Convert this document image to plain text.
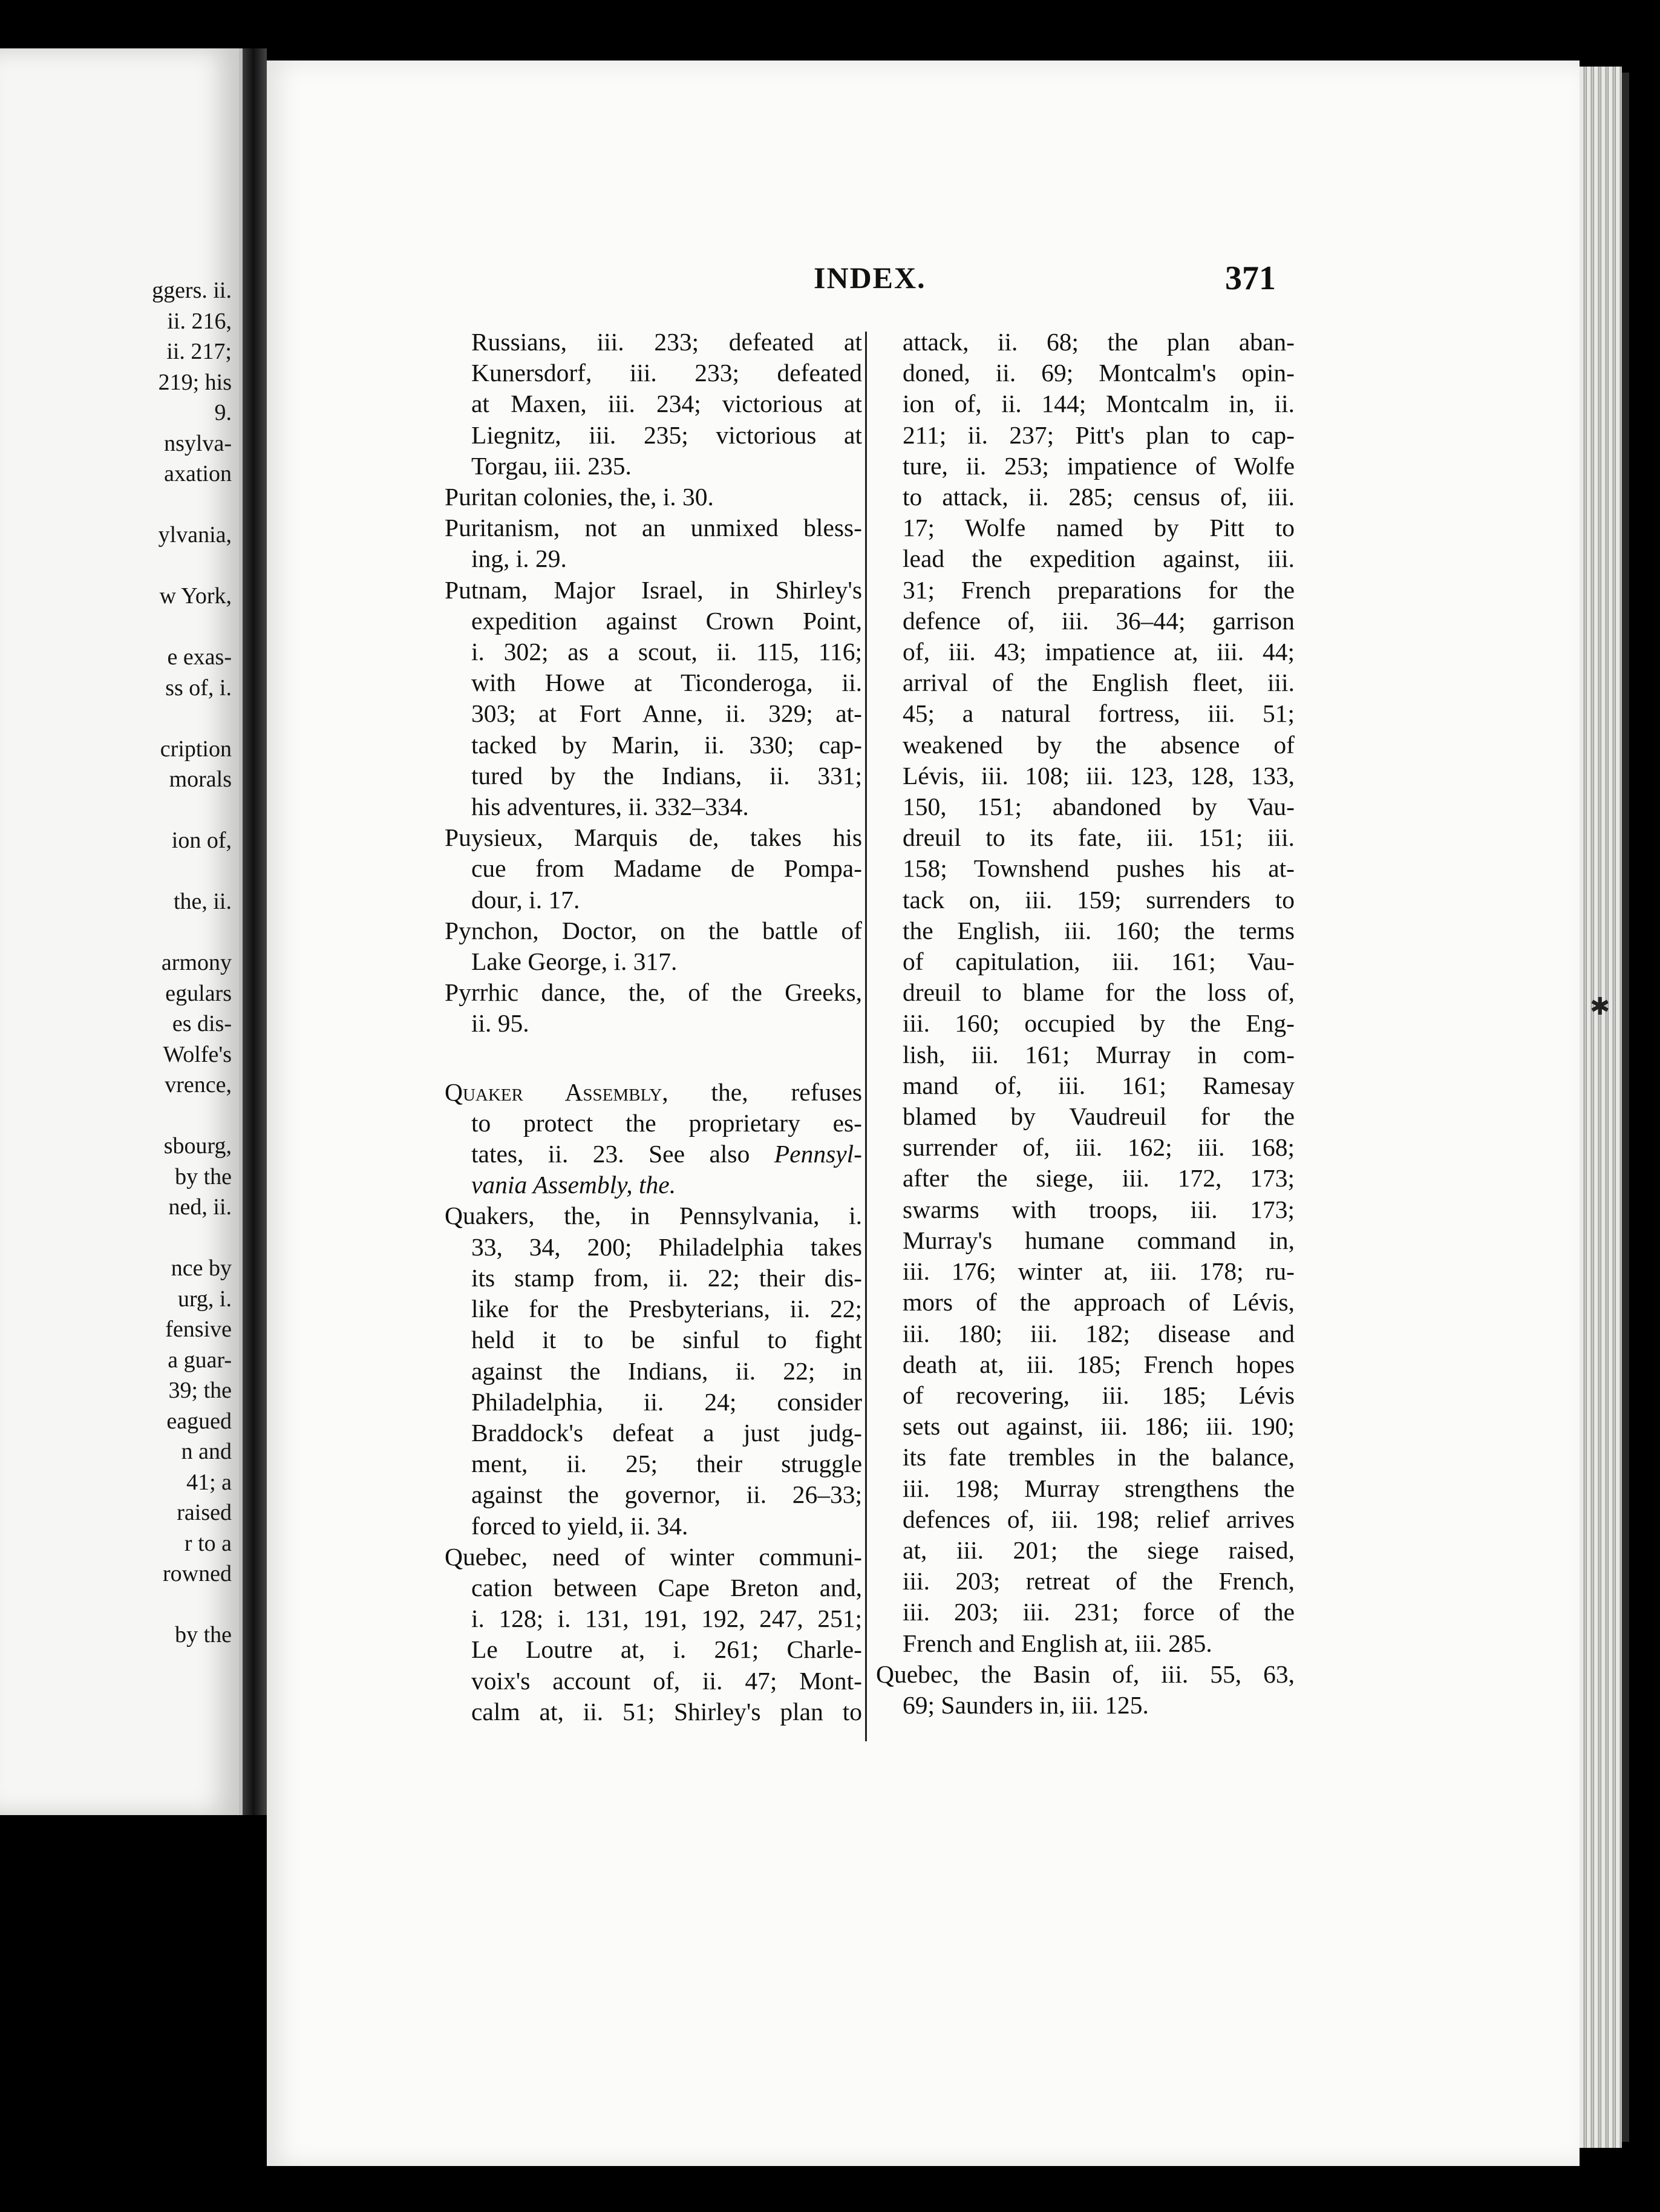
ggers. ii.
ii. 216,
ii. 217;
219; his
9.
nsylva-
axation
ylvania,
w York,
e exas-
ss of, i.
cription
morals
ion of,
the, ii.
armony
egulars
es dis-
Wolfe's
vrence,
sbourg,
by the
ned, ii.
nce by
urg, i.
fensive
a guar-
39; the
eagued
n and
41; a
raised
r to a
rowned
by the
INDEX.	371
Russians, iii. 233; defeated at
Kunersdorf, iii. 233; defeated
at Maxen, iii. 234; victorious at
Liegnitz, iii. 235; victorious at
Torgau, iii. 235.
Puritan colonies, the, i. 30.
Puritanism, not an unmixed bless-
ing, i. 29.
Putnam, Major Israel, in Shirley's
expedition against Crown Point,
i. 302; as a scout, ii. 115, 116;
with Howe at Ticonderoga, ii.
303; at Fort Anne, ii. 329; at-
tacked by Marin, ii. 330; cap-
tured by the Indians, ii. 331;
his adventures, ii. 332–334.
Puysieux, Marquis de, takes his
cue from Madame de Pompa-
dour, i. 17.
Pynchon, Doctor, on the battle of
Lake George, i. 317.
Pyrrhic dance, the, of the Greeks,
ii. 95.
Quaker Assembly, the, refuses
to protect the proprietary es-
tates, ii. 23. See also Pennsyl-
vania Assembly, the.
Quakers, the, in Pennsylvania, i.
33, 34, 200; Philadelphia takes
its stamp from, ii. 22; their dis-
like for the Presbyterians, ii. 22;
held it to be sinful to fight
against the Indians, ii. 22; in
Philadelphia, ii. 24; consider
Braddock's defeat a just judg-
ment, ii. 25; their struggle
against the governor, ii. 26–33;
forced to yield, ii. 34.
Quebec, need of winter communi-
cation between Cape Breton and,
i. 128; i. 131, 191, 192, 247, 251;
Le Loutre at, i. 261; Charle-
voix's account of, ii. 47; Mont-
calm at, ii. 51; Shirley's plan to
attack, ii. 68; the plan aban-
doned, ii. 69; Montcalm's opin-
ion of, ii. 144; Montcalm in, ii.
211; ii. 237; Pitt's plan to cap-
ture, ii. 253; impatience of Wolfe
to attack, ii. 285; census of, iii.
17; Wolfe named by Pitt to
lead the expedition against, iii.
31; French preparations for the
defence of, iii. 36–44; garrison
of, iii. 43; impatience at, iii. 44;
arrival of the English fleet, iii.
45; a natural fortress, iii. 51;
weakened by the absence of
Lévis, iii. 108; iii. 123, 128, 133,
150, 151; abandoned by Vau-
dreuil to its fate, iii. 151; iii.
158; Townshend pushes his at-
tack on, iii. 159; surrenders to
the English, iii. 160; the terms
of capitulation, iii. 161; Vau-
dreuil to blame for the loss of,
iii. 160; occupied by the Eng-
lish, iii. 161; Murray in com-
mand of, iii. 161; Ramesay
blamed by Vaudreuil for the
surrender of, iii. 162; iii. 168;
after the siege, iii. 172, 173;
swarms with troops, iii. 173;
Murray's humane command in,
iii. 176; winter at, iii. 178; ru-
mors of the approach of Lévis,
iii. 180; iii. 182; disease and
death at, iii. 185; French hopes
of recovering, iii. 185; Lévis
sets out against, iii. 186; iii. 190;
its fate trembles in the balance,
iii. 198; Murray strengthens the
defences of, iii. 198; relief arrives
at, iii. 201; the siege raised,
iii. 203; retreat of the French,
iii. 203; iii. 231; force of the
French and English at, iii. 285.
Quebec, the Basin of, iii. 55, 63,
69; Saunders in, iii. 125.
✱
